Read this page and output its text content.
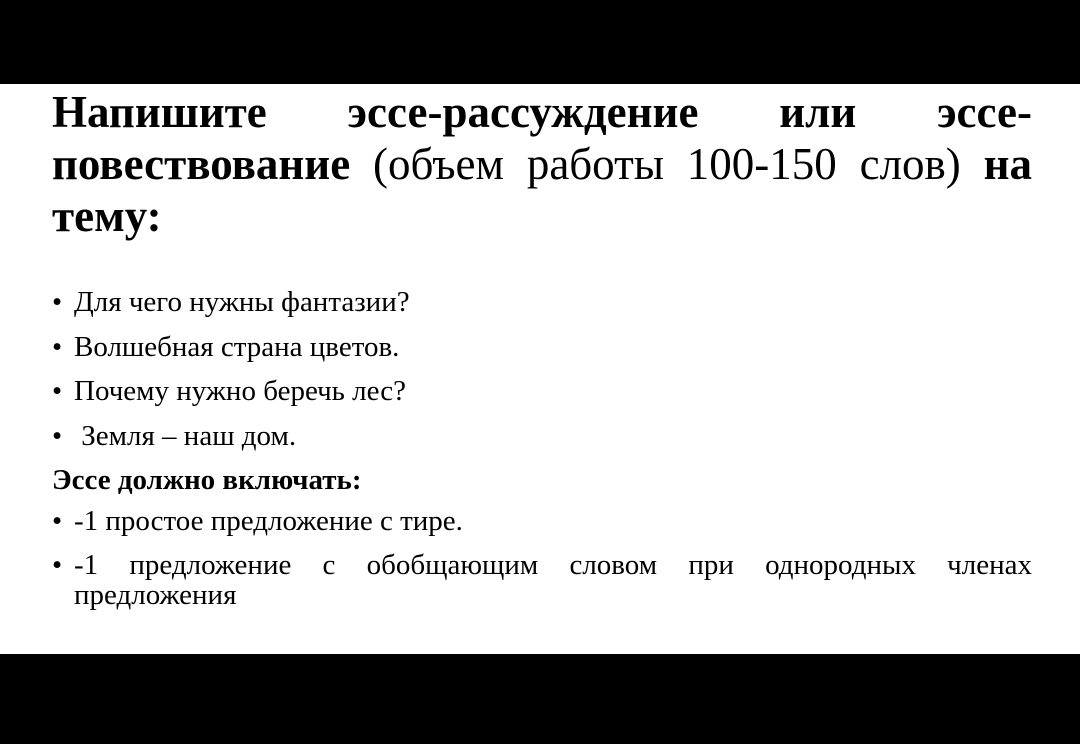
Напишите эссе-рассуждение или эссе-повествование (объем работы 100-150 слов) на тему:

• Для чего нужны фантазии?
• Волшебная страна цветов.
• Почему нужно беречь лес?
• Земля – наш дом.

Эссе должно включать:

• -1 простое предложение с тире.
• -1 предложение с обобщающим словом при однородных членах предложения
